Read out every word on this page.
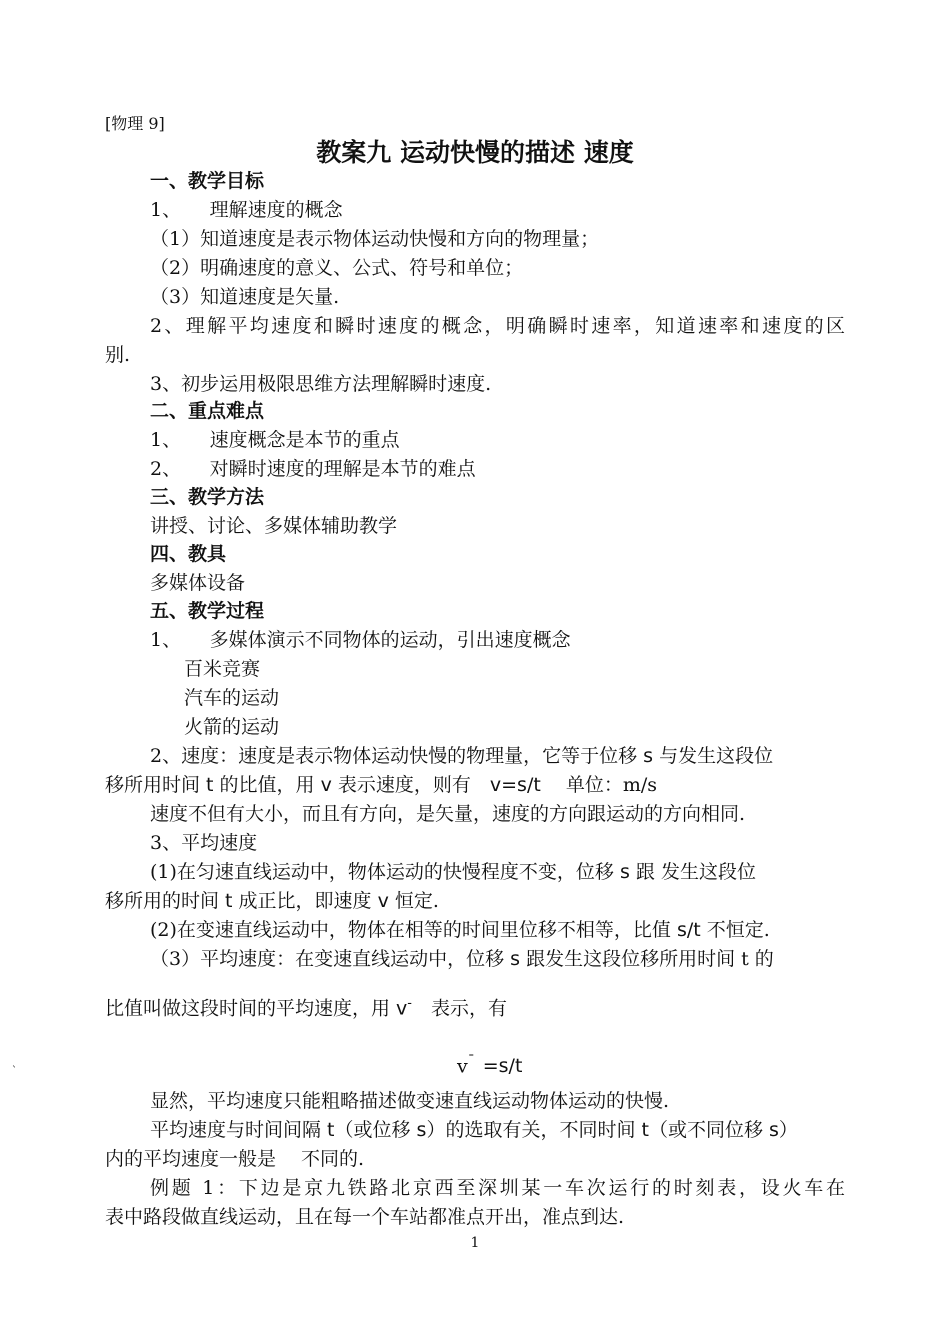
[物理 9]
教案九 运动快慢的描述 速度
一、教学目标
1、　　理解速度的概念
（1）知道速度是表示物体运动快慢和方向的物理量；
（2）明确速度的意义、公式、符号和单位；
（3）知道速度是矢量.
2、理解平均速度和瞬时速度的概念，明确瞬时速率，知道速率和速度的区
别.
3、初步运用极限思维方法理解瞬时速度.
二、重点难点
1、　　速度概念是本节的重点
2、　　对瞬时速度的理解是本节的难点
三、教学方法
讲授、讨论、多媒体辅助教学
四、教具
多媒体设备
五、教学过程
1、　　多媒体演示不同物体的运动，引出速度概念
百米竞赛
汽车的运动
火箭的运动
2、速度：速度是表示物体运动快慢的物理量，它等于位移 s 与发生这段位
移所用时间 t 的比值，用 v 表示速度，则有　v=s/t　 单位：m/s
速度不但有大小，而且有方向，是矢量，速度的方向跟运动的方向相同.
3、平均速度
(1)在匀速直线运动中，物体运动的快慢程度不变，位移 s 跟 发生这段位
移所用的时间 t 成正比，即速度 v 恒定.
(2)在变速直线运动中，物体在相等的时间里位移不相等，比值 s/t 不恒定.
（3）平均速度：在变速直线运动中，位移 s 跟发生这段位移所用时间 t 的
比值叫做这段时间的平均速度，用 v-　表示，有
v¯ =s/t
`
显然，平均速度只能粗略描述做变速直线运动物体运动的快慢.
平均速度与时间间隔 t（或位移 s）的选取有关，不同时间 t（或不同位移 s）
内的平均速度一般是　 不同的.
例题 1：下边是京九铁路北京西至深圳某一车次运行的时刻表，设火车在
表中路段做直线运动，且在每一个车站都准点开出，准点到达.
1
